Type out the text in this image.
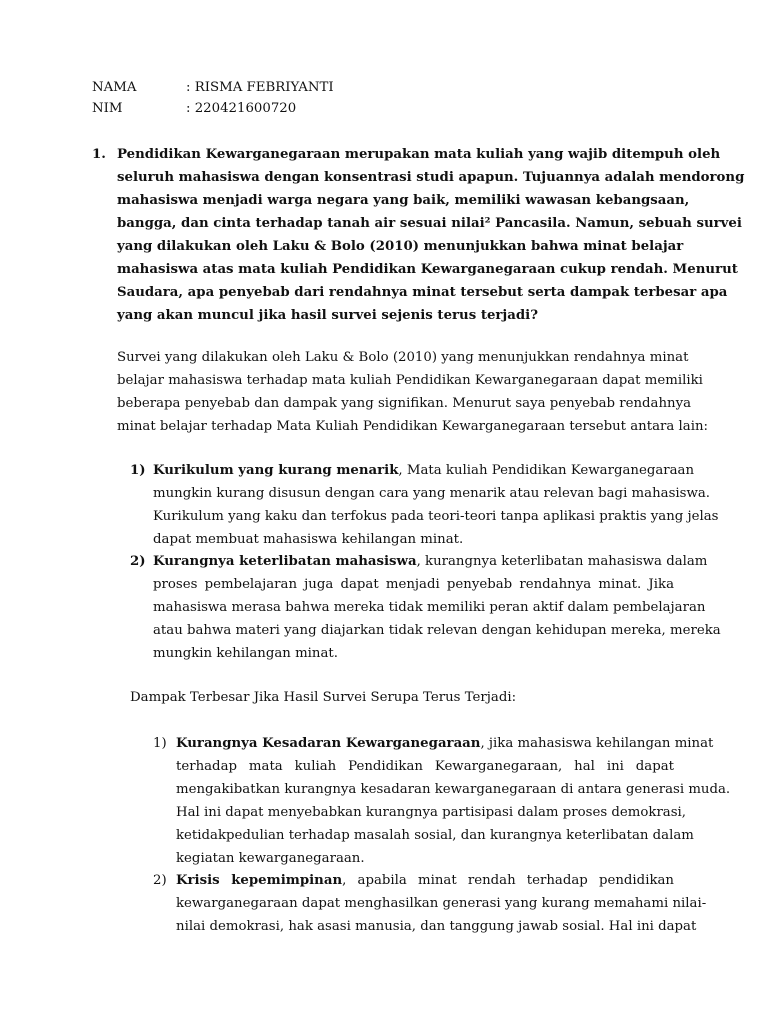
NAMA	: RISMA FEBRIYANTI
NIM	: 220421600720
1. Pendidikan Kewarganegaraan merupakan mata kuliah yang wajib ditempuh oleh
seluruh mahasiswa dengan konsentrasi studi apapun. Tujuannya adalah mendorong
mahasiswa menjadi warga negara yang baik, memiliki wawasan kebangsaan,
bangga, dan cinta terhadap tanah air sesuai nilai² Pancasila. Namun, sebuah survei
yang dilakukan oleh Laku & Bolo (2010) menunjukkan bahwa minat belajar
mahasiswa atas mata kuliah Pendidikan Kewarganegaraan cukup rendah. Menurut
Saudara, apa penyebab dari rendahnya minat tersebut serta dampak terbesar apa
yang akan muncul jika hasil survei sejenis terus terjadi?
Survei yang dilakukan oleh Laku & Bolo (2010) yang menunjukkan rendahnya minat
belajar mahasiswa terhadap mata kuliah Pendidikan Kewarganegaraan dapat memiliki
beberapa penyebab dan dampak yang signifikan. Menurut saya penyebab rendahnya
minat belajar terhadap Mata Kuliah Pendidikan Kewarganegaraan tersebut antara lain:
1) Kurikulum yang kurang menarik, Mata kuliah Pendidikan Kewarganegaraan
mungkin kurang disusun dengan cara yang menarik atau relevan bagi mahasiswa.
Kurikulum yang kaku dan terfokus pada teori-teori tanpa aplikasi praktis yang jelas
dapat membuat mahasiswa kehilangan minat.
2) Kurangnya keterlibatan mahasiswa, kurangnya keterlibatan mahasiswa dalam
proses pembelajaran juga dapat menjadi penyebab rendahnya minat. Jika
mahasiswa merasa bahwa mereka tidak memiliki peran aktif dalam pembelajaran
atau bahwa materi yang diajarkan tidak relevan dengan kehidupan mereka, mereka
mungkin kehilangan minat.
Dampak Terbesar Jika Hasil Survei Serupa Terus Terjadi:
1) Kurangnya Kesadaran Kewarganegaraan, jika mahasiswa kehilangan minat
terhadap mata kuliah Pendidikan Kewarganegaraan, hal ini dapat
mengakibatkan kurangnya kesadaran kewarganegaraan di antara generasi muda.
Hal ini dapat menyebabkan kurangnya partisipasi dalam proses demokrasi,
ketidakpedulian terhadap masalah sosial, dan kurangnya keterlibatan dalam
kegiatan kewarganegaraan.
2) Krisis kepemimpinan, apabila minat rendah terhadap pendidikan
kewarganegaraan dapat menghasilkan generasi yang kurang memahami nilai-
nilai demokrasi, hak asasi manusia, dan tanggung jawab sosial. Hal ini dapat
